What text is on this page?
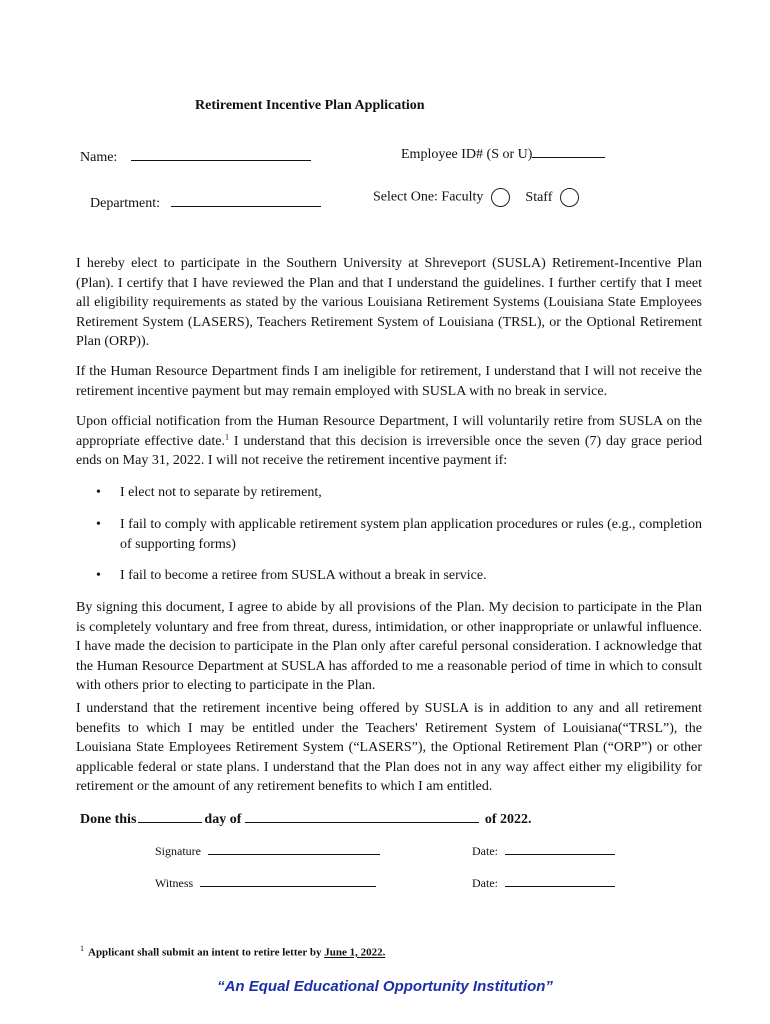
Retirement Incentive Plan Application
Name:	Employee ID# (S or U)
Department:	Select One: Faculty	Staff

I hereby elect to participate in the Southern University at Shreveport (SUSLA) Retirement-Incentive Plan (Plan). I certify that I have reviewed the Plan and that I understand the guidelines. I further certify that I meet all eligibility requirements as stated by the various Louisiana Retirement Systems (Louisiana State Employees Retirement System (LASERS), Teachers Retirement System of Louisiana (TRSL), or the Optional Retirement Plan (ORP)).

If the Human Resource Department finds I am ineligible for retirement, I understand that I will not receive the retirement incentive payment but may remain employed with SUSLA with no break in service.

Upon official notification from the Human Resource Department, I will voluntarily retire from SUSLA on the appropriate effective date.$^1$ I understand that this decision is irreversible once the seven (7) day grace period ends on May 31, 2022. I will not receive the retirement incentive payment if:

• I elect not to separate by retirement,
• I fail to comply with applicable retirement system plan application procedures or rules (e.g., completion of supporting forms)
• I fail to become a retiree from SUSLA without a break in service.

By signing this document, I agree to abide by all provisions of the Plan. My decision to participate in the Plan is completely voluntary and free from threat, duress, intimidation, or other inappropriate or unlawful influence. I have made the decision to participate in the Plan only after careful personal consideration. I acknowledge that the Human Resource Department at SUSLA has afforded to me a reasonable period of time in which to consult with others prior to electing to participate in the Plan.

I understand that the retirement incentive being offered by SUSLA is in addition to any and all retirement benefits to which I may be entitled under the Teachers' Retirement System of Louisiana(“TRSL”), the Louisiana State Employees Retirement System (“LASERS”), the Optional Retirement Plan (“ORP”) or other applicable federal or state plans. I understand that the Plan does not in any way affect either my eligibility for retirement or the amount of any retirement benefits to which I am entitled.

Done this	day of	of 2022.
Signature	Date:
Witness	Date:
$^1$ Applicant shall submit an intent to retire letter by June 1, 2022.
“An Equal Educational Opportunity Institution”
